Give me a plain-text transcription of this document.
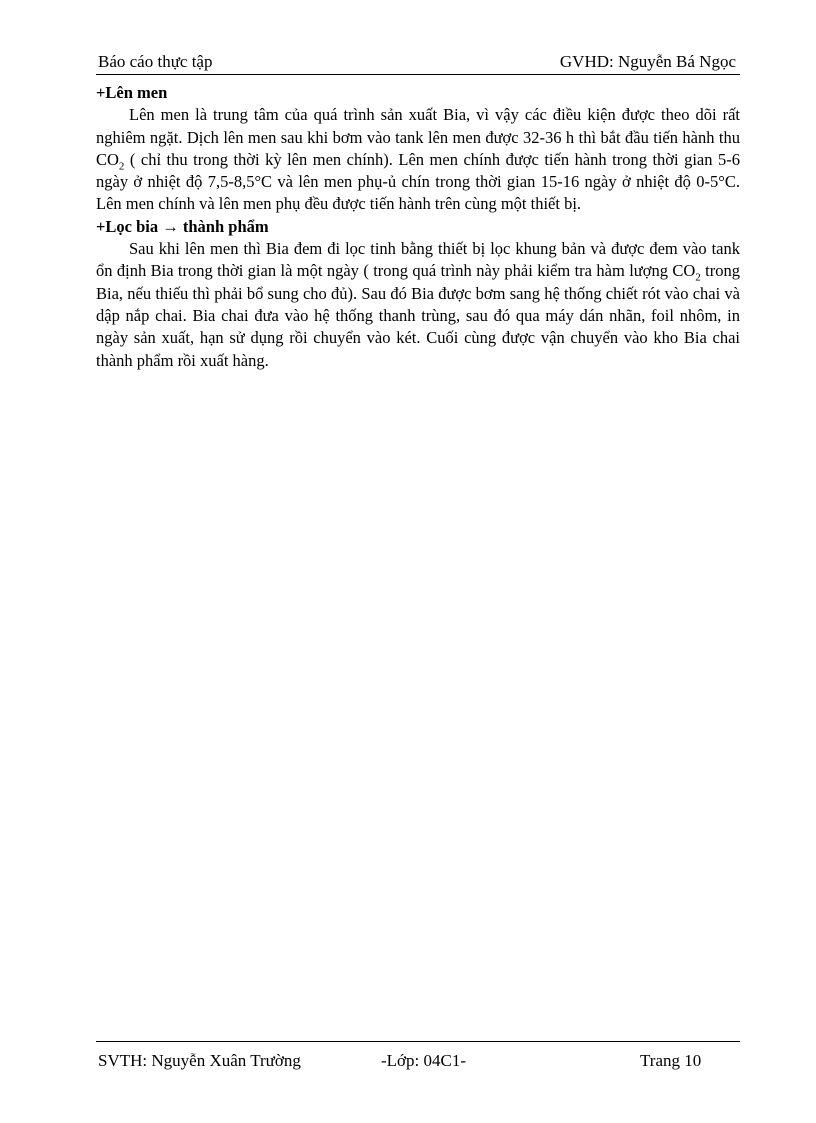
Báo cáo thực tập	GVHD: Nguyễn Bá Ngọc

+Lên men

Lên men là trung tâm của quá trình sản xuất Bia, vì vậy các điều kiện được theo dõi rất nghiêm ngặt. Dịch lên men sau khi bơm vào tank lên men được 32-36 h thì bắt đầu tiến hành thu $CO_2$ ( chỉ thu trong thời kỳ lên men chính). Lên men chính được tiến hành trong thời gian 5-6 ngày ở nhiệt độ 7,5-8,5°C và lên men phụ-ủ chín trong thời gian 15-16 ngày ở nhiệt độ 0-5°C. Lên men chính và lên men phụ đều được tiến hành trên cùng một thiết bị.

+Lọc bia → thành phẩm

Sau khi lên men thì Bia đem đi lọc tinh bằng thiết bị lọc khung bản và được đem vào tank ổn định Bia trong thời gian là một ngày ( trong quá trình này phải kiểm tra hàm lượng $CO_2$ trong Bia, nếu thiếu thì phải bổ sung cho đủ). Sau đó Bia được bơm sang hệ thống chiết rót vào chai và dập nắp chai. Bia chai đưa vào hệ thống thanh trùng, sau đó qua máy dán nhãn, foil nhôm, in ngày sản xuất, hạn sử dụng rồi chuyển vào két. Cuối cùng được vận chuyển vào kho Bia chai thành phẩm rồi xuất hàng.

SVTH: Nguyễn Xuân Trường	-Lớp: 04C1-	Trang 10
